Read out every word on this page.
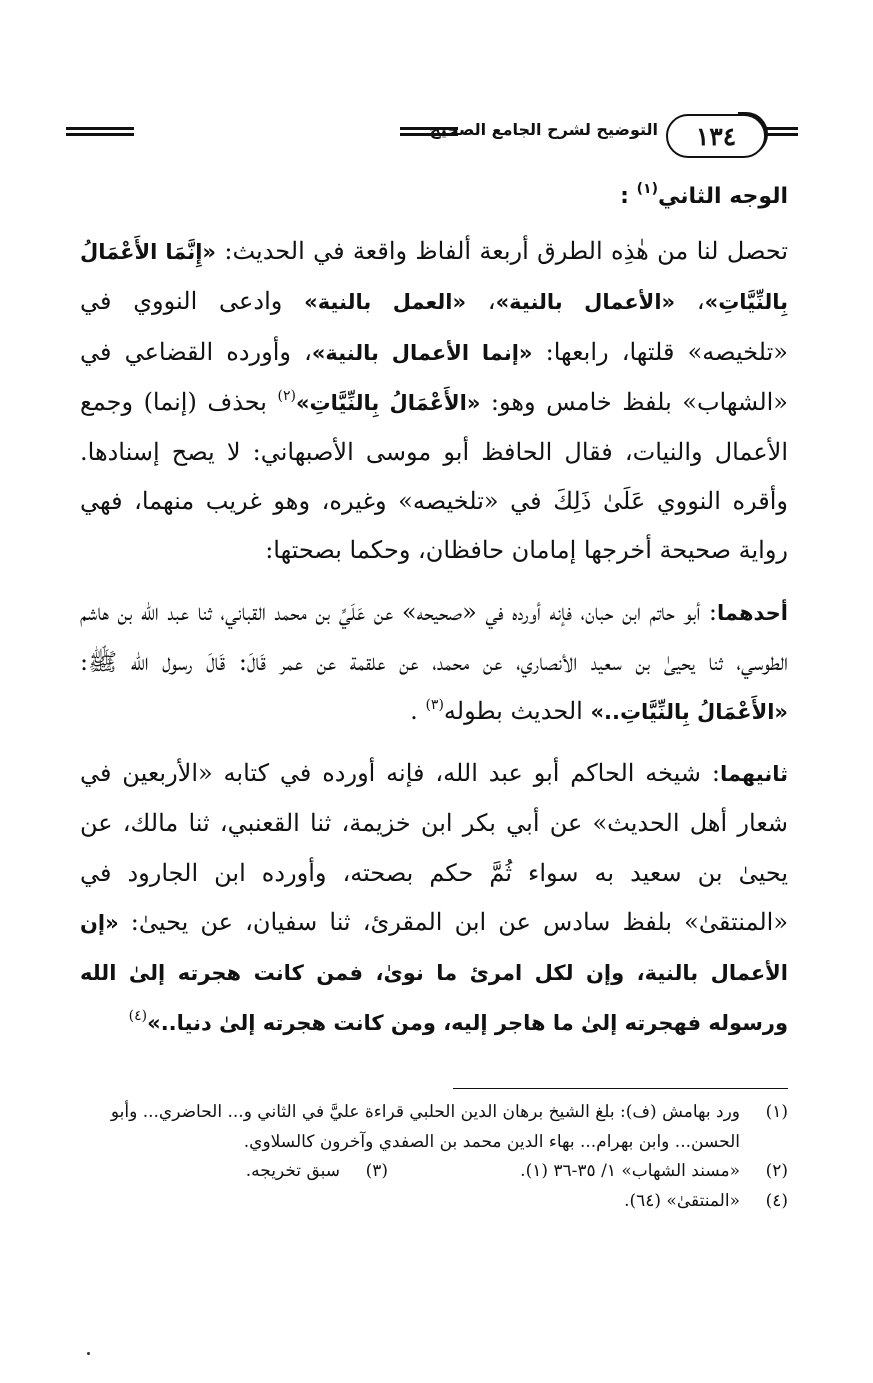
١٣٤
التوضيح لشرح الجامع الصحيح

الوجه الثاني$^{(١)}$ :

تحصل لنا من هٰذِه الطرق أربعة ألفاظ واقعة في الحديث: «إِنَّمَا الأَعْمَالُ بِالنِّيَّاتِ»، «الأعمال بالنية»، «العمل بالنية» وادعى النووي في «تلخيصه» قلتها، رابعها: «إنما الأعمال بالنية»، وأورده القضاعي في «الشهاب» بلفظ خامس وهو: «الأَعْمَالُ بِالنِّيَّاتِ»$^{(٢)}$ بحذف (إنما) وجمع الأعمال والنيات، فقال الحافظ أبو موسى الأصبهاني: لا يصح إسنادها. وأقره النووي عَلَىٰ ذَلِكَ في «تلخيصه» وغيره، وهو غريب منهما، فهي رواية صحيحة أخرجها إمامان حافظان، وحكما بصحتها:

أحدهما: أبو حاتم ابن حبان، فإنه أورده في «صحيحه» عن عَلَيِّ بن محمد القباني، ثنا عبد الله بن هاشم الطوسي، ثنا يحيىٰ بن سعيد الأنصاري، عن محمد، عن علقمة عن عمر قَالَ: قَالَ رسول الله ﷺ: «الأَعْمَالُ بِالنِّيَّاتِ..» الحديث بطوله$^{(٣)}$ .

ثانيهما: شيخه الحاكم أبو عبد الله، فإنه أورده في كتابه «الأربعين في شعار أهل الحديث» عن أبي بكر ابن خزيمة، ثنا القعنبي، ثنا مالك، عن يحيىٰ بن سعيد به سواء ثُمَّ حكم بصحته، وأورده ابن الجارود في «المنتقىٰ» بلفظ سادس عن ابن المقرئ، ثنا سفيان، عن يحيىٰ: «إن الأعمال بالنية، وإن لكل امرئ ما نوىٰ، فمن كانت هجرته إلىٰ الله ورسوله فهجرته إلىٰ ما هاجر إليه، ومن كانت هجرته إلىٰ دنيا..»$^{(٤)}$

(١)
ورد بهامش (ف): بلغ الشيخ برهان الدين الحلبي قراءة عليَّ في الثاني و... الحاضري... وأبو الحسن... وابن بهرام... بهاء الدين محمد بن الصفدي وآخرون كالسلاوي.
(٢)
«مسند الشهاب» ١/ ٣٥-٣٦ (١).
(٣)
سبق تخريجه.
(٤)
«المنتقىٰ» (٦٤).
